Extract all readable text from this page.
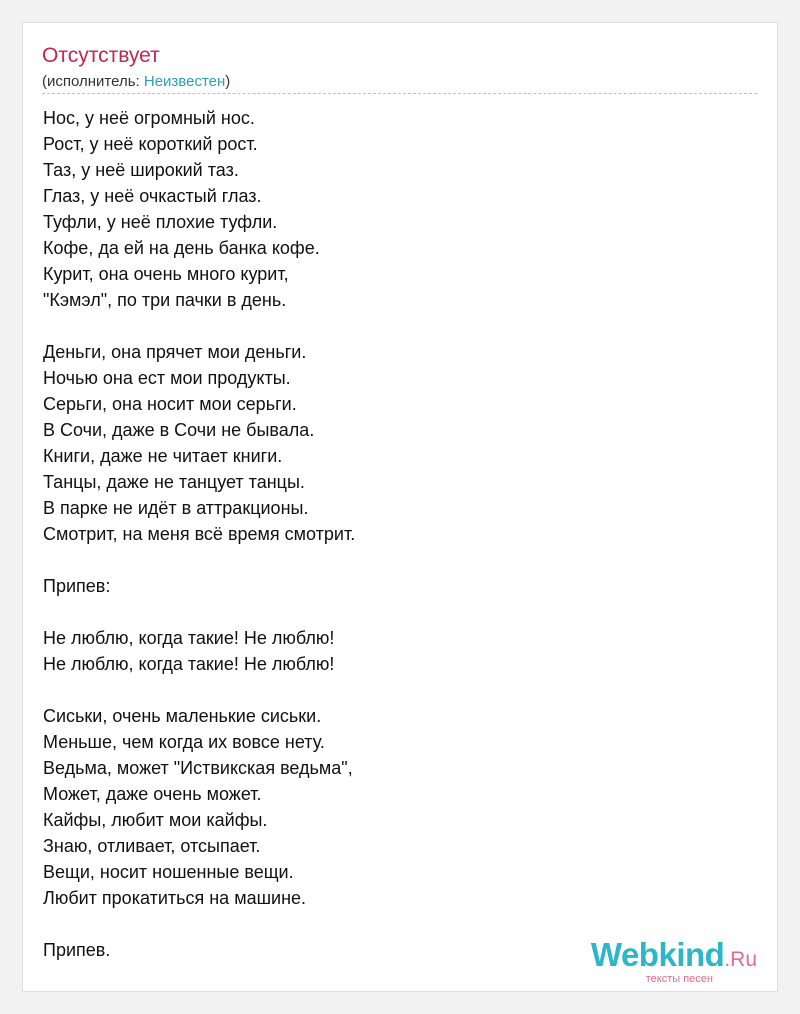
Отсутствует
(исполнитель: Неизвестен)
Нос, у неё огромный нос.
Рост, у неё короткий рост.
Таз, у неё широкий таз.
Глаз, у неё очкастый глаз.
Туфли, у неё плохие туфли.
Кофе, да ей на день банка кофе.
Курит, она очень много курит,
"Кэмэл", по три пачки в день.
Деньги, она прячет мои деньги.
Ночью она ест мои продукты.
Серьги, она носит мои серьги.
В Сочи, даже в Сочи не бывала.
Книги, даже не читает книги.
Танцы, даже не танцует танцы.
В парке не идёт в аттракционы.
Смотрит, на меня всё время смотрит.
Припев:
Не люблю, когда такие! Не люблю!
Не люблю, когда такие! Не люблю!
Сиськи, очень маленькие сиськи.
Меньше, чем когда их вовсе нету.
Ведьма, может "Иствикская ведьма",
Может, даже очень может.
Кайфы, любит мои кайфы.
Знаю, отливает, отсыпает.
Вещи, носит ношенные вещи.
Любит прокатиться на машине.
Припев.	Webkind.Ru
тексты песен
